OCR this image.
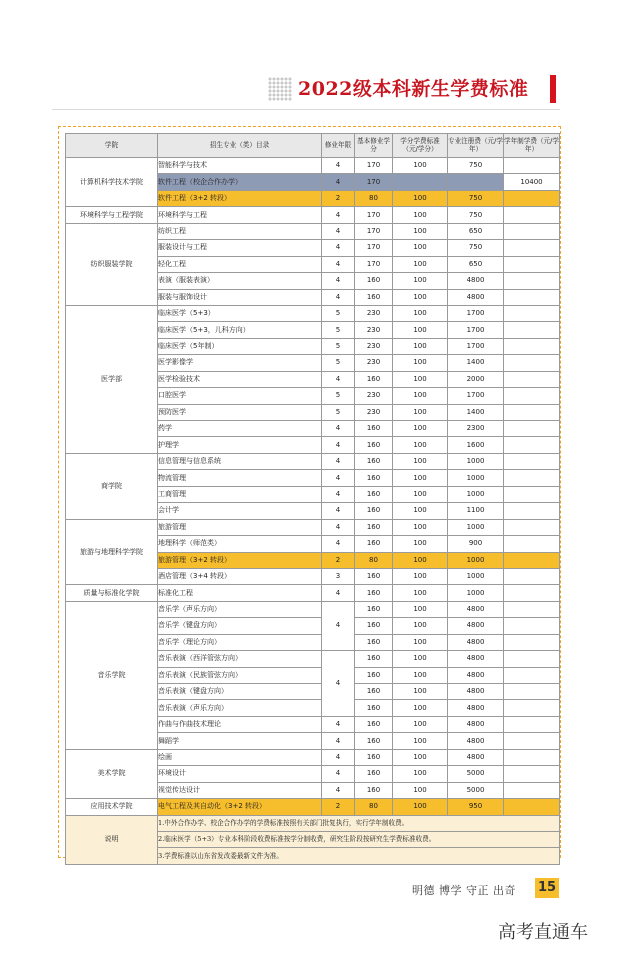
2022级本科新生学费标准
学院	招生专业（类）目录	修业年限	基本修业学分	学分学费标准（元/学分）	专业注册费（元/学年）	学年制学费（元/学年）
计算机科学技术学院	智能科学与技术	4	170	100	750	
	软件工程（校企合作办学）	4	170			10400
	软件工程（3+2 转段）	2	80	100	750	
环境科学与工程学院	环境科学与工程	4	170	100	750	
纺织服装学院	纺织工程	4	170	100	650	
	服装设计与工程	4	170	100	750	
	轻化工程	4	170	100	650	
	表演（服装表演）	4	160	100	4800	
	服装与服饰设计	4	160	100	4800	
医学部	临床医学（5+3）	5	230	100	1700	
	临床医学（5+3，儿科方向）	5	230	100	1700	
	临床医学（5年制）	5	230	100	1700	
	医学影像学	5	230	100	1400	
	医学检验技术	4	160	100	2000	
	口腔医学	5	230	100	1700	
	预防医学	5	230	100	1400	
	药学	4	160	100	2300	
	护理学	4	160	100	1600	
商学院	信息管理与信息系统	4	160	100	1000	
	物流管理	4	160	100	1000	
	工商管理	4	160	100	1000	
	会计学	4	160	100	1100	
旅游与地理科学学院	旅游管理	4	160	100	1000	
	地理科学（师范类）	4	160	100	900	
	旅游管理（3+2 转段）	2	80	100	1000	
	酒店管理（3+4 转段）	3	160	100	1000	
质量与标准化学院	标准化工程	4	160	100	1000	
音乐学院	音乐学（声乐方向）	4	160	100	4800	
	音乐学（键盘方向）		160	100	4800	
	音乐学（理论方向）		160	100	4800	
	音乐表演（西洋管弦方向）	4	160	100	4800	
	音乐表演（民族管弦方向）		160	100	4800	
	音乐表演（键盘方向）		160	100	4800	
	音乐表演（声乐方向）		160	100	4800	
	作曲与作曲技术理论	4	160	100	4800	
	舞蹈学	4	160	100	4800	
美术学院	绘画	4	160	100	4800	
	环境设计	4	160	100	5000	
	视觉传达设计	4	160	100	5000	
应用技术学院	电气工程及其自动化（3+2 转段）	2	80	100	950	
说明	1.中外合作办学、校企合作办学的学费标准按照有关部门批复执行，实行学年制收费。					
	2.临床医学（5+3）专业本科阶段收费标准按学分制收费，研究生阶段按研究生学费标准收费。					
	3.学费标准以山东省发改委最新文件为准。					
明德 博学 守正 出奇	15
高考直通车
